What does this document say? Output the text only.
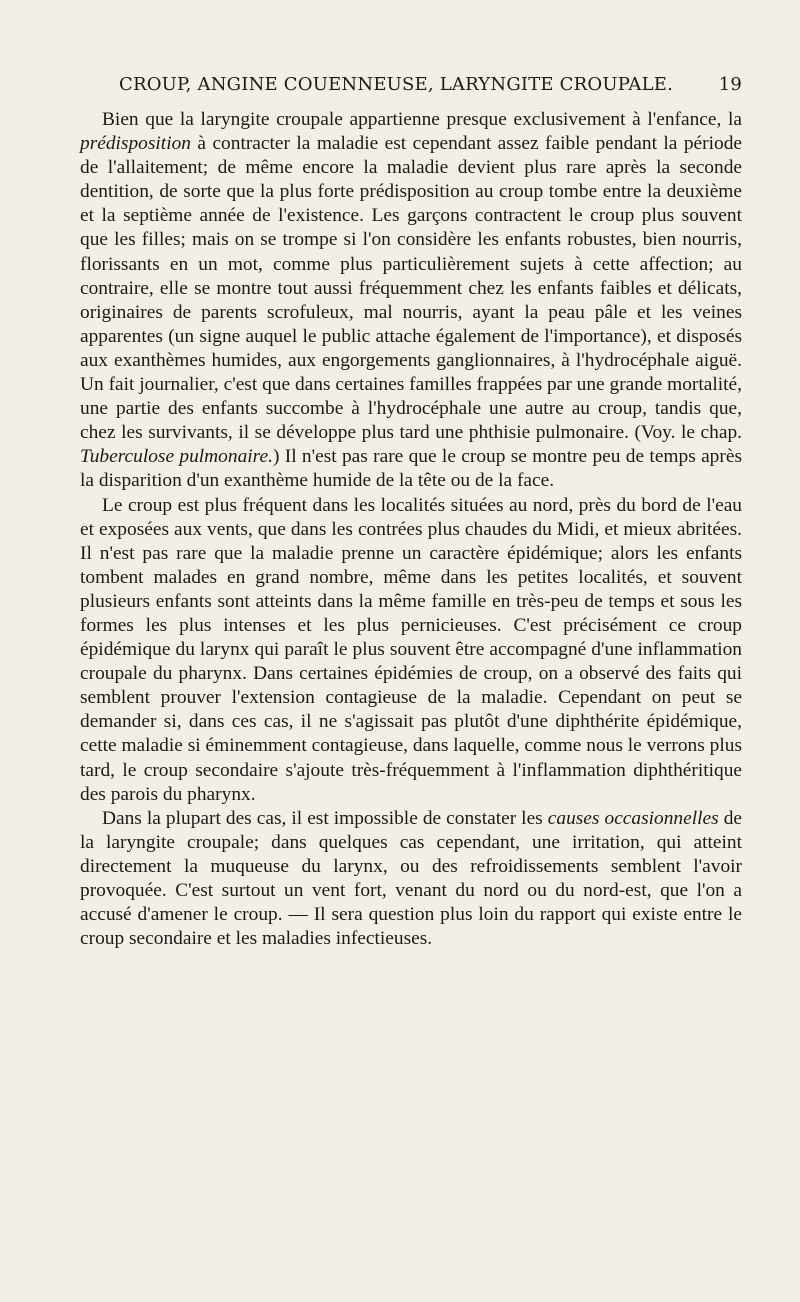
CROUP, ANGINE COUENNEUSE, LARYNGITE CROUPALE.	19

Bien que la laryngite croupale appartienne presque exclusivement à l'enfance, la prédisposition à contracter la maladie est cependant assez faible pendant la période de l'allaitement; de même encore la maladie devient plus rare après la seconde dentition, de sorte que la plus forte prédisposition au croup tombe entre la deuxième et la septième année de l'existence. Les garçons contractent le croup plus souvent que les filles; mais on se trompe si l'on considère les enfants robustes, bien nourris, florissants en un mot, comme plus particulièrement sujets à cette affection; au contraire, elle se montre tout aussi fréquemment chez les enfants faibles et délicats, originaires de parents scrofuleux, mal nourris, ayant la peau pâle et les veines apparentes (un signe auquel le public attache également de l'importance), et disposés aux exanthèmes humides, aux engorgements ganglionnaires, à l'hydrocéphale aiguë. Un fait journalier, c'est que dans certaines familles frappées par une grande mortalité, une partie des enfants succombe à l'hydrocéphale une autre au croup, tandis que, chez les survivants, il se développe plus tard une phthisie pulmonaire. (Voy. le chap. Tuberculose pulmonaire.) Il n'est pas rare que le croup se montre peu de temps après la disparition d'un exanthème humide de la tête ou de la face.

Le croup est plus fréquent dans les localités situées au nord, près du bord de l'eau et exposées aux vents, que dans les contrées plus chaudes du Midi, et mieux abritées. Il n'est pas rare que la maladie prenne un caractère épidémique; alors les enfants tombent malades en grand nombre, même dans les petites localités, et souvent plusieurs enfants sont atteints dans la même famille en très-peu de temps et sous les formes les plus intenses et les plus pernicieuses. C'est précisément ce croup épidémique du larynx qui paraît le plus souvent être accompagné d'une inflammation croupale du pharynx. Dans certaines épidémies de croup, on a observé des faits qui semblent prouver l'extension contagieuse de la maladie. Cependant on peut se demander si, dans ces cas, il ne s'agissait pas plutôt d'une diphthérite épidémique, cette maladie si éminemment contagieuse, dans laquelle, comme nous le verrons plus tard, le croup secondaire s'ajoute très-fréquemment à l'inflammation diphthéritique des parois du pharynx.

Dans la plupart des cas, il est impossible de constater les causes occasionnelles de la laryngite croupale; dans quelques cas cependant, une irritation, qui atteint directement la muqueuse du larynx, ou des refroidissements semblent l'avoir provoquée. C'est surtout un vent fort, venant du nord ou du nord-est, que l'on a accusé d'amener le croup. — Il sera question plus loin du rapport qui existe entre le croup secondaire et les maladies infectieuses.
